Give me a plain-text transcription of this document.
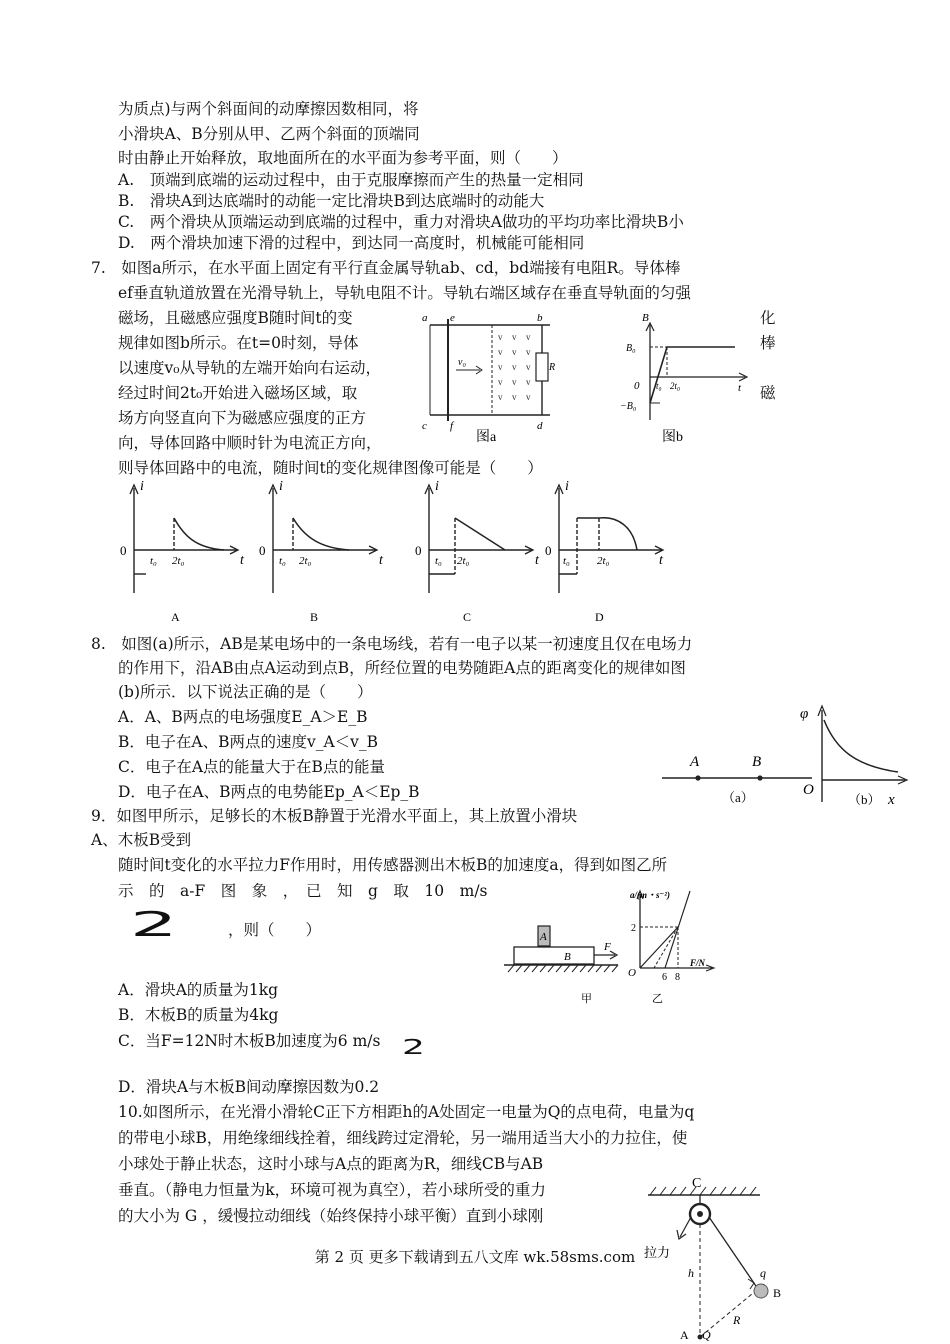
为质点)与两个斜面间的动摩擦因数相同，将
小滑块A、B分别从甲、乙两个斜面的顶端同
时由静止开始释放，取地面所在的水平面为参考平面，则（　　）
A.　顶端到底端的运动过程中，由于克服摩擦而产生的热量一定相同
B.　滑块A到达底端时的动能一定比滑块B到达底端时的动能大
C.　两个滑块从顶端运动到底端的过程中，重力对滑块A做功的平均功率比滑块B小
D.　两个滑块加速下滑的过程中，到达同一高度时，机械能可能相同
7.　如图a所示，在水平面上固定有平行直金属导轨ab、cd，bd端接有电阻R。导体棒
ef垂直轨道放置在光滑导轨上，导轨电阻不计。导轨右端区域存在垂直导轨面的匀强
磁场，且磁感应强度B随时间t的变
规律如图b所示。在t=0时刻，导体
以速度v₀从导轨的左端开始向右运动，
经过时间2t₀开始进入磁场区域，取
场方向竖直向下为磁感应强度的正方
向，导体回路中顺时针为电流正方向，
则导体回路中的电流，随时间t的变化规律图像可能是（　　）
化
棒
磁
v v v
v v v
v v v
v v v
v v v
a e	b
c f	d
v₀	R
图a
B
B₀
0
−B₀
t₀ 2t₀	t
图b
i
0
t₀ 2t₀	t
A
i
0
t₀ 2t₀	t
B
i
0
t₀ 2t₀	t
C
i
0
t₀ 2t₀	t
D
8.　如图(a)所示，AB是某电场中的一条电场线，若有一电子以某一初速度且仅在电场力
的作用下，沿AB由点A运动到点B，所经位置的电势随距A点的距离变化的规律如图
(b)所示．以下说法正确的是（　　）
A．A、B两点的电场强度E_A＞E_B
B．电子在A、B两点的速度v_A＜v_B
C．电子在A点的能量大于在B点的能量
D．电子在A、B两点的电势能Ep_A＜Ep_B
A	B
（a）
φ
O
（b） x
9．如图甲所示，足够长的木板B静置于光滑水平面上，其上放置小滑块
A、木板B受到
随时间t变化的水平拉力F作用时，用传感器测出木板B的加速度a，得到如图乙所
示　的　a-F　图　象　，　已　知　g　取　10　m/s
2	，则（　　）
A．滑块A的质量为1kg
B．木板B的质量为4kg
C．当F=12N时木板B加速度为6 m/s 2
D．滑块A与木板B间动摩擦因数为0.2
A
B
F
甲
a/(m・s⁻²)
2
O	6 8
F/N
乙
10.如图所示，在光滑小滑轮C正下方相距h的A处固定一电量为Q的点电荷，电量为q
的带电小球B，用绝缘细线拴着，细线跨过定滑轮，另一端用适当大小的力拉住，使
小球处于静止状态，这时小球与A点的距离为R，细线CB与AB
垂直。（静电力恒量为k，环境可视为真空），若小球所受的重力
的大小为 G ，缓慢拉动细线（始终保持小球平衡）直到小球刚
C
拉力
h	q
B
R
A Q
第 2 页 更多下载请到五八文库 wk.58sms.com
